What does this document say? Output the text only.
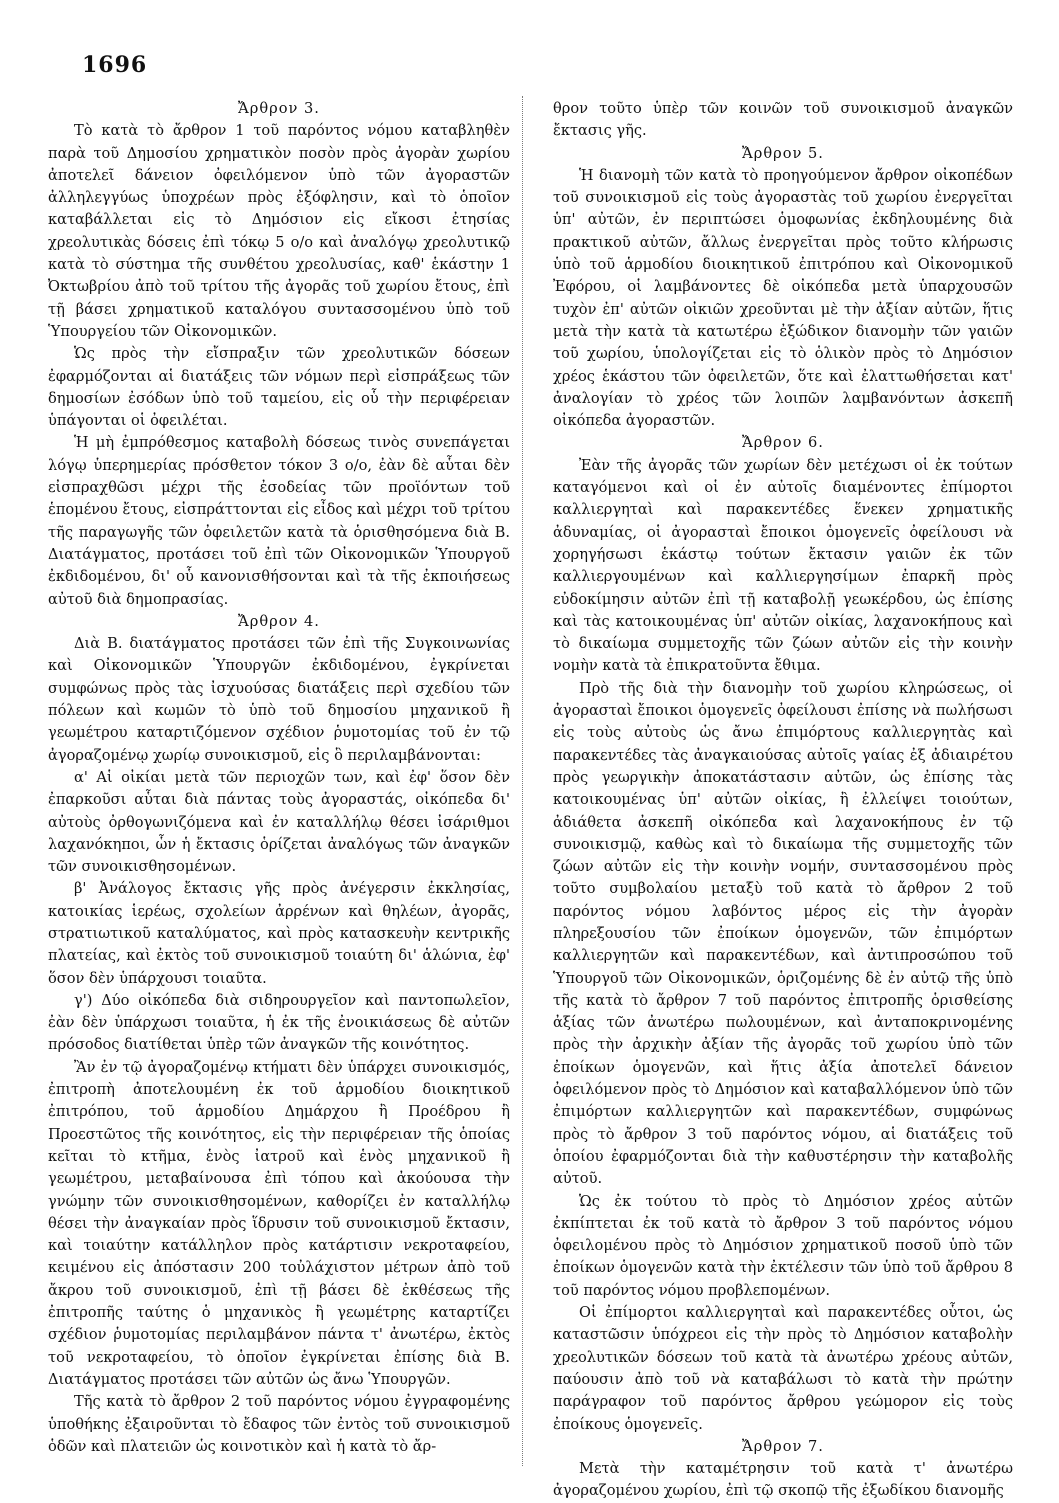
1696
Ἄρθρον 3.

Τὸ κατὰ τὸ ἄρθρον 1 τοῦ παρόντος νόμου καταβληθὲν παρὰ τοῦ Δημοσίου χρηματικὸν ποσὸν πρὸς ἀγορὰν χωρίου ἀποτελεῖ δάνειον ὀφειλόμενον ὑπὸ τῶν ἀγοραστῶν ἀλληλεγγύως ὑποχρέων πρὸς ἐξόφλησιν, καὶ τὸ ὁποῖον καταβάλλεται εἰς τὸ Δημόσιον εἰς εἴκοσι ἐτησίας χρεολυτικὰς δόσεις ἐπὶ τόκῳ 5 ο/ο καὶ ἀναλόγῳ χρεολυτικῷ κατὰ τὸ σύστημα τῆς συνθέτου χρεολυσίας, καθ' ἑκάστην 1 Ὀκτωβρίου ἀπὸ τοῦ τρίτου τῆς ἀγορᾶς τοῦ χωρίου ἔτους, ἐπὶ τῇ βάσει χρηματικοῦ καταλόγου συντασσομένου ὑπὸ τοῦ Ὑπουργείου τῶν Οἰκονομικῶν.

Ὡς πρὸς τὴν εἴσπραξιν τῶν χρεολυτικῶν δόσεων ἐφαρμόζονται αἱ διατάξεις τῶν νόμων περὶ εἰσπράξεως τῶν δημοσίων ἐσόδων ὑπὸ τοῦ ταμείου, εἰς οὗ τὴν περιφέρειαν ὑπάγονται οἱ ὀφειλέται.

Ἡ μὴ ἐμπρόθεσμος καταβολὴ δόσεως τινὸς συνεπάγεται λόγῳ ὑπερημερίας πρόσθετον τόκον 3 ο/ο, ἐὰν δὲ αὗται δὲν εἰσπραχθῶσι μέχρι τῆς ἐσοδείας τῶν προϊόντων τοῦ ἑπομένου ἔτους, εἰσπράττονται εἰς εἶδος καὶ μέχρι τοῦ τρίτου τῆς παραγωγῆς τῶν ὀφειλετῶν κατὰ τὰ ὁρισθησόμενα διὰ Β. Διατάγματος, προτάσει τοῦ ἐπὶ τῶν Οἰκονομικῶν Ὑπουργοῦ ἐκδιδομένου, δι' οὗ κανονισθήσονται καὶ τὰ τῆς ἐκποιήσεως αὐτοῦ διὰ δημοπρασίας.

Ἄρθρον 4.

Διὰ Β. διατάγματος προτάσει τῶν ἐπὶ τῆς Συγκοινωνίας καὶ Οἰκονομικῶν Ὑπουργῶν ἐκδιδομένου, ἐγκρίνεται συμφώνως πρὸς τὰς ἰσχυούσας διατάξεις περὶ σχεδίου τῶν πόλεων καὶ κωμῶν τὸ ὑπὸ τοῦ δημοσίου μηχανικοῦ ἢ γεωμέτρου καταρτιζόμενον σχέδιον ῥυμοτομίας τοῦ ἐν τῷ ἀγοραζομένῳ χωρίῳ συνοικισμοῦ, εἰς ὃ περιλαμβάνονται:

α' Αἱ οἰκίαι μετὰ τῶν περιοχῶν των, καὶ ἐφ' ὅσον δὲν ἐπαρκοῦσι αὗται διὰ πάντας τοὺς ἀγοραστάς, οἰκόπεδα δι' αὐτοὺς ὀρθογωνιζόμενα καὶ ἐν καταλλήλῳ θέσει ἰσάριθμοι λαχανόκηποι, ὧν ἡ ἔκτασις ὁρίζεται ἀναλόγως τῶν ἀναγκῶν τῶν συνοικισθησομένων.

β' Ἀνάλογος ἔκτασις γῆς πρὸς ἀνέγερσιν ἐκκλησίας, κατοικίας ἱερέως, σχολείων ἀρρένων καὶ θηλέων, ἀγορᾶς, στρατιωτικοῦ καταλύματος, καὶ πρὸς κατασκευὴν κεντρικῆς πλατείας, καὶ ἐκτὸς τοῦ συνοικισμοῦ τοιαύτη δι' ἁλώνια, ἐφ' ὅσον δὲν ὑπάρχουσι τοιαῦτα.

γ') Δύο οἰκόπεδα διὰ σιδηρουργεῖον καὶ παντοπωλεῖον, ἐὰν δὲν ὑπάρχωσι τοιαῦτα, ἡ ἐκ τῆς ἐνοικιάσεως δὲ αὐτῶν πρόσοδος διατίθεται ὑπὲρ τῶν ἀναγκῶν τῆς κοινότητος.

Ἂν ἐν τῷ ἀγοραζομένῳ κτήματι δὲν ὑπάρχει συνοικισμός, ἐπιτροπὴ ἀποτελουμένη ἐκ τοῦ ἁρμοδίου διοικητικοῦ ἐπιτρόπου, τοῦ ἁρμοδίου Δημάρχου ἢ Προέδρου ἢ Προεστῶτος τῆς κοινότητος, εἰς τὴν περιφέρειαν τῆς ὁποίας κεῖται τὸ κτῆμα, ἑνὸς ἰατροῦ καὶ ἑνὸς μηχανικοῦ ἢ γεωμέτρου, μεταβαίνουσα ἐπὶ τόπου καὶ ἀκούουσα τὴν γνώμην τῶν συνοικισθησομένων, καθορίζει ἐν καταλλήλῳ θέσει τὴν ἀναγκαίαν πρὸς ἵδρυσιν τοῦ συνοικισμοῦ ἔκτασιν, καὶ τοιαύτην κατάλληλον πρὸς κατάρτισιν νεκροταφείου, κειμένου εἰς ἀπόστασιν 200 τοὐλάχιστον μέτρων ἀπὸ τοῦ ἄκρου τοῦ συνοικισμοῦ, ἐπὶ τῇ βάσει δὲ ἐκθέσεως τῆς ἐπιτροπῆς ταύτης ὁ μηχανικὸς ἢ γεωμέτρης καταρτίζει σχέδιον ῥυμοτομίας περιλαμβάνον πάντα τ' ἀνωτέρω, ἐκτὸς τοῦ νεκροταφείου, τὸ ὁποῖον ἐγκρίνεται ἐπίσης διὰ Β. Διατάγματος προτάσει τῶν αὐτῶν ὡς ἄνω Ὑπουργῶν.

Τῆς κατὰ τὸ ἄρθρον 2 τοῦ παρόντος νόμου ἐγγραφομένης ὑποθήκης ἐξαιροῦνται τὸ ἔδαφος τῶν ἐντὸς τοῦ συνοικισμοῦ ὁδῶν καὶ πλατειῶν ὡς κοινοτικὸν καὶ ἡ κατὰ τὸ ἄρ-

θρον τοῦτο ὑπὲρ τῶν κοινῶν τοῦ συνοικισμοῦ ἀναγκῶν ἔκτασις γῆς.

Ἄρθρον 5.

Ἡ διανομὴ τῶν κατὰ τὸ προηγούμενον ἄρθρον οἰκοπέδων τοῦ συνοικισμοῦ εἰς τοὺς ἀγοραστὰς τοῦ χωρίου ἐνεργεῖται ὑπ' αὐτῶν, ἐν περιπτώσει ὁμοφωνίας ἐκδηλουμένης διὰ πρακτικοῦ αὐτῶν, ἄλλως ἐνεργεῖται πρὸς τοῦτο κλήρωσις ὑπὸ τοῦ ἁρμοδίου διοικητικοῦ ἐπιτρόπου καὶ Οἰκονομικοῦ Ἐφόρου, οἱ λαμβάνοντες δὲ οἰκόπεδα μετὰ ὑπαρχουσῶν τυχὸν ἐπ' αὐτῶν οἰκιῶν χρεοῦνται μὲ τὴν ἀξίαν αὐτῶν, ἥτις μετὰ τὴν κατὰ τὰ κατωτέρω ἐξώδικον διανομὴν τῶν γαιῶν τοῦ χωρίου, ὑπολογίζεται εἰς τὸ ὁλικὸν πρὸς τὸ Δημόσιον χρέος ἑκάστου τῶν ὀφειλετῶν, ὅτε καὶ ἐλαττωθήσεται κατ' ἀναλογίαν τὸ χρέος τῶν λοιπῶν λαμβανόντων ἀσκεπῆ οἰκόπεδα ἀγοραστῶν.

Ἄρθρον 6.

Ἐὰν τῆς ἀγορᾶς τῶν χωρίων δὲν μετέχωσι οἱ ἐκ τούτων καταγόμενοι καὶ οἱ ἐν αὐτοῖς διαμένοντες ἐπίμορτοι καλλιεργηταὶ καὶ παρακεντέδες ἕνεκεν χρηματικῆς ἀδυναμίας, οἱ ἀγορασταὶ ἔποικοι ὁμογενεῖς ὀφείλουσι νὰ χορηγήσωσι ἑκάστῳ τούτων ἔκτασιν γαιῶν ἐκ τῶν καλλιεργουμένων καὶ καλλιεργησίμων ἐπαρκῆ πρὸς εὐδοκίμησιν αὐτῶν ἐπὶ τῇ καταβολῇ γεωκέρδου, ὡς ἐπίσης καὶ τὰς κατοικουμένας ὑπ' αὐτῶν οἰκίας, λαχανοκήπους καὶ τὸ δικαίωμα συμμετοχῆς τῶν ζώων αὐτῶν εἰς τὴν κοινὴν νομὴν κατὰ τὰ ἐπικρατοῦντα ἔθιμα.

Πρὸ τῆς διὰ τὴν διανομὴν τοῦ χωρίου κληρώσεως, οἱ ἀγορασταὶ ἔποικοι ὁμογενεῖς ὀφείλουσι ἐπίσης νὰ πωλήσωσι εἰς τοὺς αὐτοὺς ὡς ἄνω ἐπιμόρτους καλλιεργητὰς καὶ παρακεντέδες τὰς ἀναγκαιούσας αὐτοῖς γαίας ἐξ ἀδιαιρέτου πρὸς γεωργικὴν ἀποκατάστασιν αὐτῶν, ὡς ἐπίσης τὰς κατοικουμένας ὑπ' αὐτῶν οἰκίας, ἢ ἐλλείψει τοιούτων, ἀδιάθετα ἀσκεπῆ οἰκόπεδα καὶ λαχανοκήπους ἐν τῷ συνοικισμῷ, καθὼς καὶ τὸ δικαίωμα τῆς συμμετοχῆς τῶν ζώων αὐτῶν εἰς τὴν κοινὴν νομήν, συντασσομένου πρὸς τοῦτο συμβολαίου μεταξὺ τοῦ κατὰ τὸ ἄρθρον 2 τοῦ παρόντος νόμου λαβόντος μέρος εἰς τὴν ἀγορὰν πληρεξουσίου τῶν ἐποίκων ὁμογενῶν, τῶν ἐπιμόρτων καλλιεργητῶν καὶ παρακεντέδων, καὶ ἀντιπροσώπου τοῦ Ὑπουργοῦ τῶν Οἰκονομικῶν, ὁριζομένης δὲ ἐν αὐτῷ τῆς ὑπὸ τῆς κατὰ τὸ ἄρθρον 7 τοῦ παρόντος ἐπιτροπῆς ὁρισθείσης ἀξίας τῶν ἀνωτέρω πωλουμένων, καὶ ἀνταποκρινομένης πρὸς τὴν ἀρχικὴν ἀξίαν τῆς ἀγορᾶς τοῦ χωρίου ὑπὸ τῶν ἐποίκων ὁμογενῶν, καὶ ἥτις ἀξία ἀποτελεῖ δάνειον ὀφειλόμενον πρὸς τὸ Δημόσιον καὶ καταβαλλόμενον ὑπὸ τῶν ἐπιμόρτων καλλιεργητῶν καὶ παρακεντέδων, συμφώνως πρὸς τὸ ἄρθρον 3 τοῦ παρόντος νόμου, αἱ διατάξεις τοῦ ὁποίου ἐφαρμόζονται διὰ τὴν καθυστέρησιν τὴν καταβολῆς αὐτοῦ.

Ὡς ἐκ τούτου τὸ πρὸς τὸ Δημόσιον χρέος αὐτῶν ἐκπίπτεται ἐκ τοῦ κατὰ τὸ ἄρθρον 3 τοῦ παρόντος νόμου ὀφειλομένου πρὸς τὸ Δημόσιον χρηματικοῦ ποσοῦ ὑπὸ τῶν ἐποίκων ὁμογενῶν κατὰ τὴν ἐκτέλεσιν τῶν ὑπὸ τοῦ ἄρθρου 8 τοῦ παρόντος νόμου προβλεπομένων.

Οἱ ἐπίμορτοι καλλιεργηταὶ καὶ παρακεντέδες οὗτοι, ὡς καταστῶσιν ὑπόχρεοι εἰς τὴν πρὸς τὸ Δημόσιον καταβολὴν χρεολυτικῶν δόσεων τοῦ κατὰ τὰ ἀνωτέρω χρέους αὐτῶν, παύουσιν ἀπὸ τοῦ νὰ καταβάλωσι τὸ κατὰ τὴν πρώτην παράγραφον τοῦ παρόντος ἄρθρου γεώμορον εἰς τοὺς ἐποίκους ὁμογενεῖς.

Ἄρθρον 7.

Μετὰ τὴν καταμέτρησιν τοῦ κατὰ τ' ἀνωτέρω ἀγοραζομένου χωρίου, ἐπὶ τῷ σκοπῷ τῆς ἐξωδίκου διανομῆς
